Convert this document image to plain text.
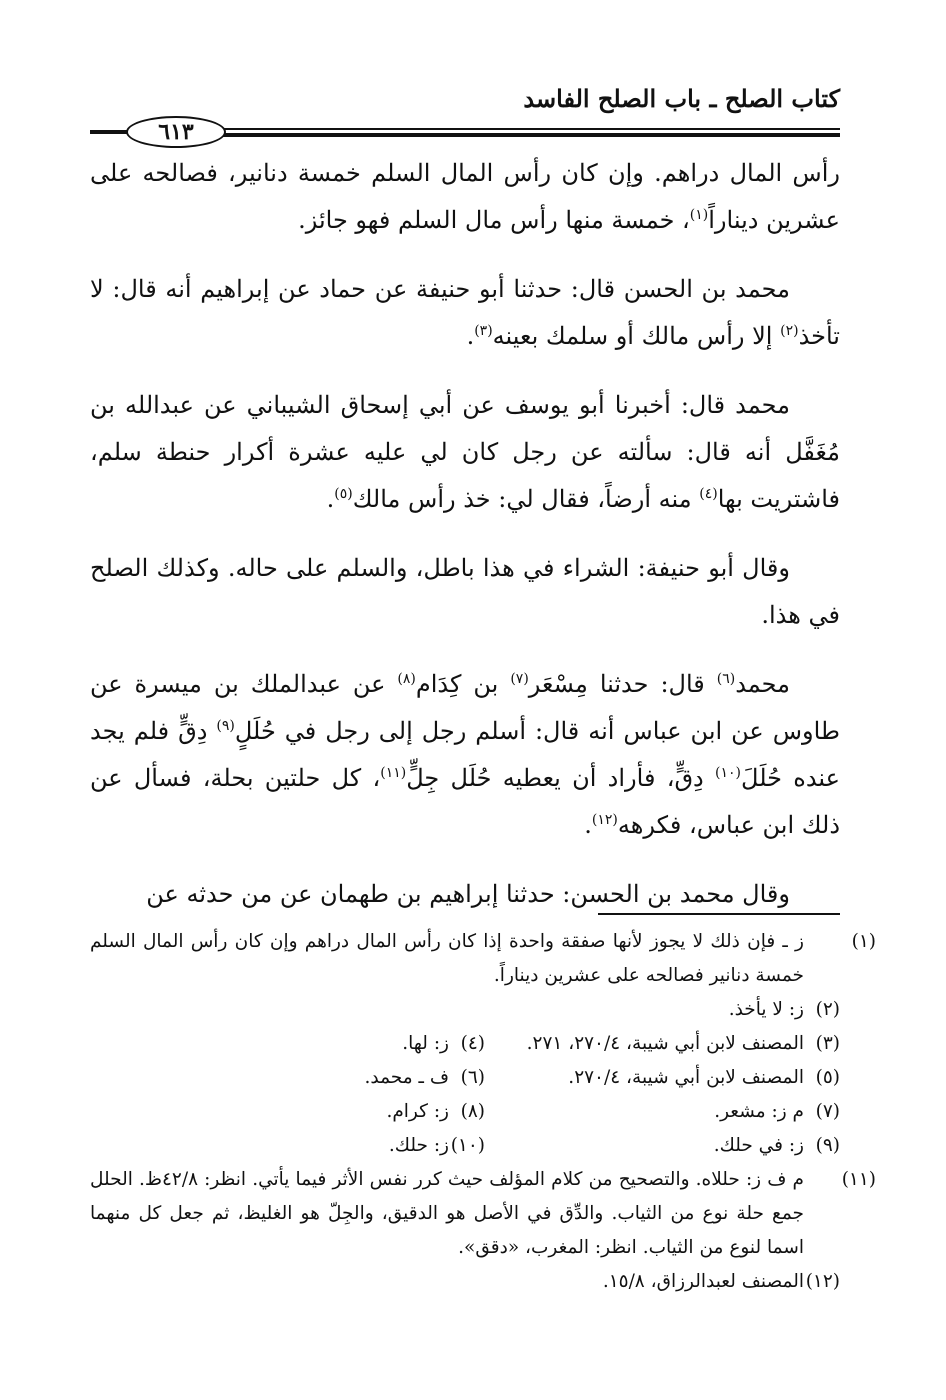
كتاب الصلح ـ باب الصلح الفاسد
٦١٣

رأس المال دراهم. وإن كان رأس المال السلم خمسة دنانير، فصالحه على عشرين ديناراً$^{(١)}$، خمسة منها رأس مال السلم فهو جائز.

محمد بن الحسن قال: حدثنا أبو حنيفة عن حماد عن إبراهيم أنه قال: لا تأخذ$^{(٢)}$ إلا رأس مالك أو سلمك بعينه$^{(٣)}$.

محمد قال: أخبرنا أبو يوسف عن أبي إسحاق الشيباني عن عبدالله بن مُغَفَّل أنه قال: سألته عن رجل كان لي عليه عشرة أكرار حنطة سلم، فاشتريت بها$^{(٤)}$ منه أرضاً، فقال لي: خذ رأس مالك$^{(٥)}$.

وقال أبو حنيفة: الشراء في هذا باطل، والسلم على حاله. وكذلك الصلح في هذا.

محمد$^{(٦)}$ قال: حدثنا مِسْعَر$^{(٧)}$ بن كِدَام$^{(٨)}$ عن عبدالملك بن ميسرة عن طاوس عن ابن عباس أنه قال: أسلم رجل إلى رجل في حُلَلٍ$^{(٩)}$ دِقٍّ فلم يجد عنده حُلَلَ$^{(١٠)}$ دِقٍّ، فأراد أن يعطيه حُلَل جِلٍّ$^{(١١)}$، كل حلتين بحلة، فسأل عن ذلك ابن عباس، فكرهه$^{(١٢)}$.

وقال محمد بن الحسن: حدثنا إبراهيم بن طهمان عن من حدثه عن

(١)ز ـ فإن ذلك لا يجوز لأنها صفقة واحدة إذا كان رأس المال دراهم وإن كان رأس المال السلم خمسة دنانير فصالحه على عشرين ديناراً.

(٢)ز: لا يأخذ.

(٣)المصنف لابن أبي شيبة، ٢٧٠/٤، ٢٧١.

(٤)ز: لها.

(٥)المصنف لابن أبي شيبة، ٢٧٠/٤.

(٦)ف ـ محمد.

(٧)م ز: مشعر.

(٨)ز: كرام.

(٩)ز: في حلك.

(١٠)ز: حلك.

(١١)م ف ز: حللاه. والتصحيح من كلام المؤلف حيث كرر نفس الأثر فيما يأتي. انظر: ٤٢/٨ظ. الحلل جمع حلة نوع من الثياب. والدِّق في الأصل هو الدقيق، والجِلّ هو الغليظ، ثم جعل كل منهما اسما لنوع من الثياب. انظر: المغرب، «دقق».

(١٢)المصنف لعبدالرزاق، ١٥/٨.
